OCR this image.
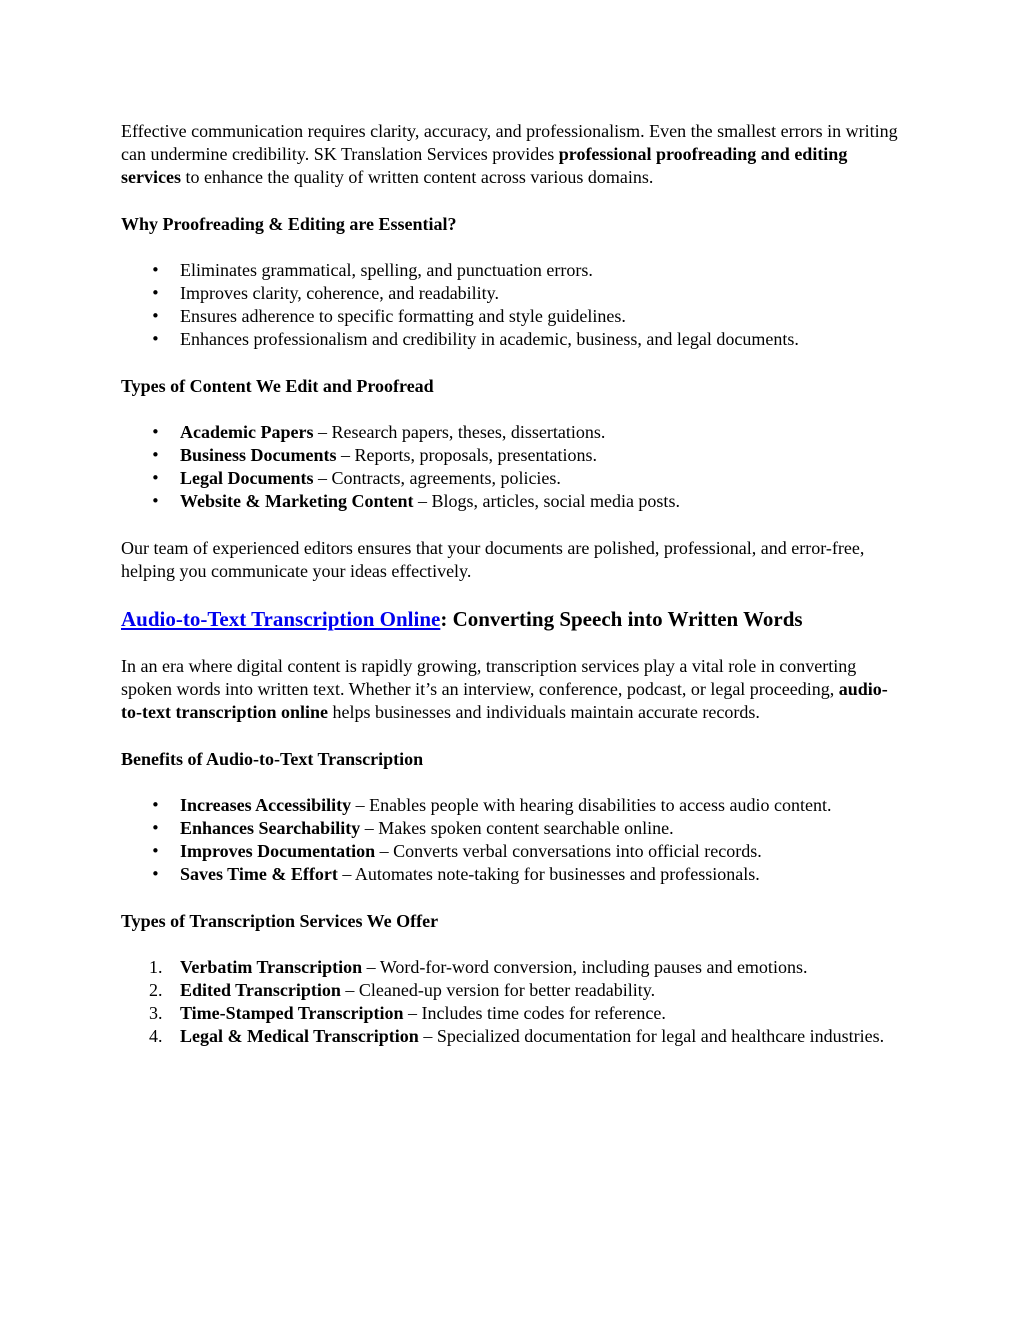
Effective communication requires clarity, accuracy, and professionalism. Even the smallest errors in writing can undermine credibility. SK Translation Services provides professional proofreading and editing services to enhance the quality of written content across various domains.

Why Proofreading & Editing are Essential?
• Eliminates grammatical, spelling, and punctuation errors.
• Improves clarity, coherence, and readability.
• Ensures adherence to specific formatting and style guidelines.
• Enhances professionalism and credibility in academic, business, and legal documents.
Types of Content We Edit and Proofread
• Academic Papers – Research papers, theses, dissertations.
• Business Documents – Reports, proposals, presentations.
• Legal Documents – Contracts, agreements, policies.
• Website & Marketing Content – Blogs, articles, social media posts.

Our team of experienced editors ensures that your documents are polished, professional, and error-free, helping you communicate your ideas effectively.

Audio-to-Text Transcription Online: Converting Speech into Written Words

In an era where digital content is rapidly growing, transcription services play a vital role in converting spoken words into written text. Whether it’s an interview, conference, podcast, or legal proceeding, audio-to-text transcription online helps businesses and individuals maintain accurate records.

Benefits of Audio-to-Text Transcription
• Increases Accessibility – Enables people with hearing disabilities to access audio content.
• Enhances Searchability – Makes spoken content searchable online.
• Improves Documentation – Converts verbal conversations into official records.
• Saves Time & Effort – Automates note-taking for businesses and professionals.
Types of Transcription Services We Offer
1. Verbatim Transcription – Word-for-word conversion, including pauses and emotions.
2. Edited Transcription – Cleaned-up version for better readability.
3. Time-Stamped Transcription – Includes time codes for reference.
4. Legal & Medical Transcription – Specialized documentation for legal and healthcare industries.
